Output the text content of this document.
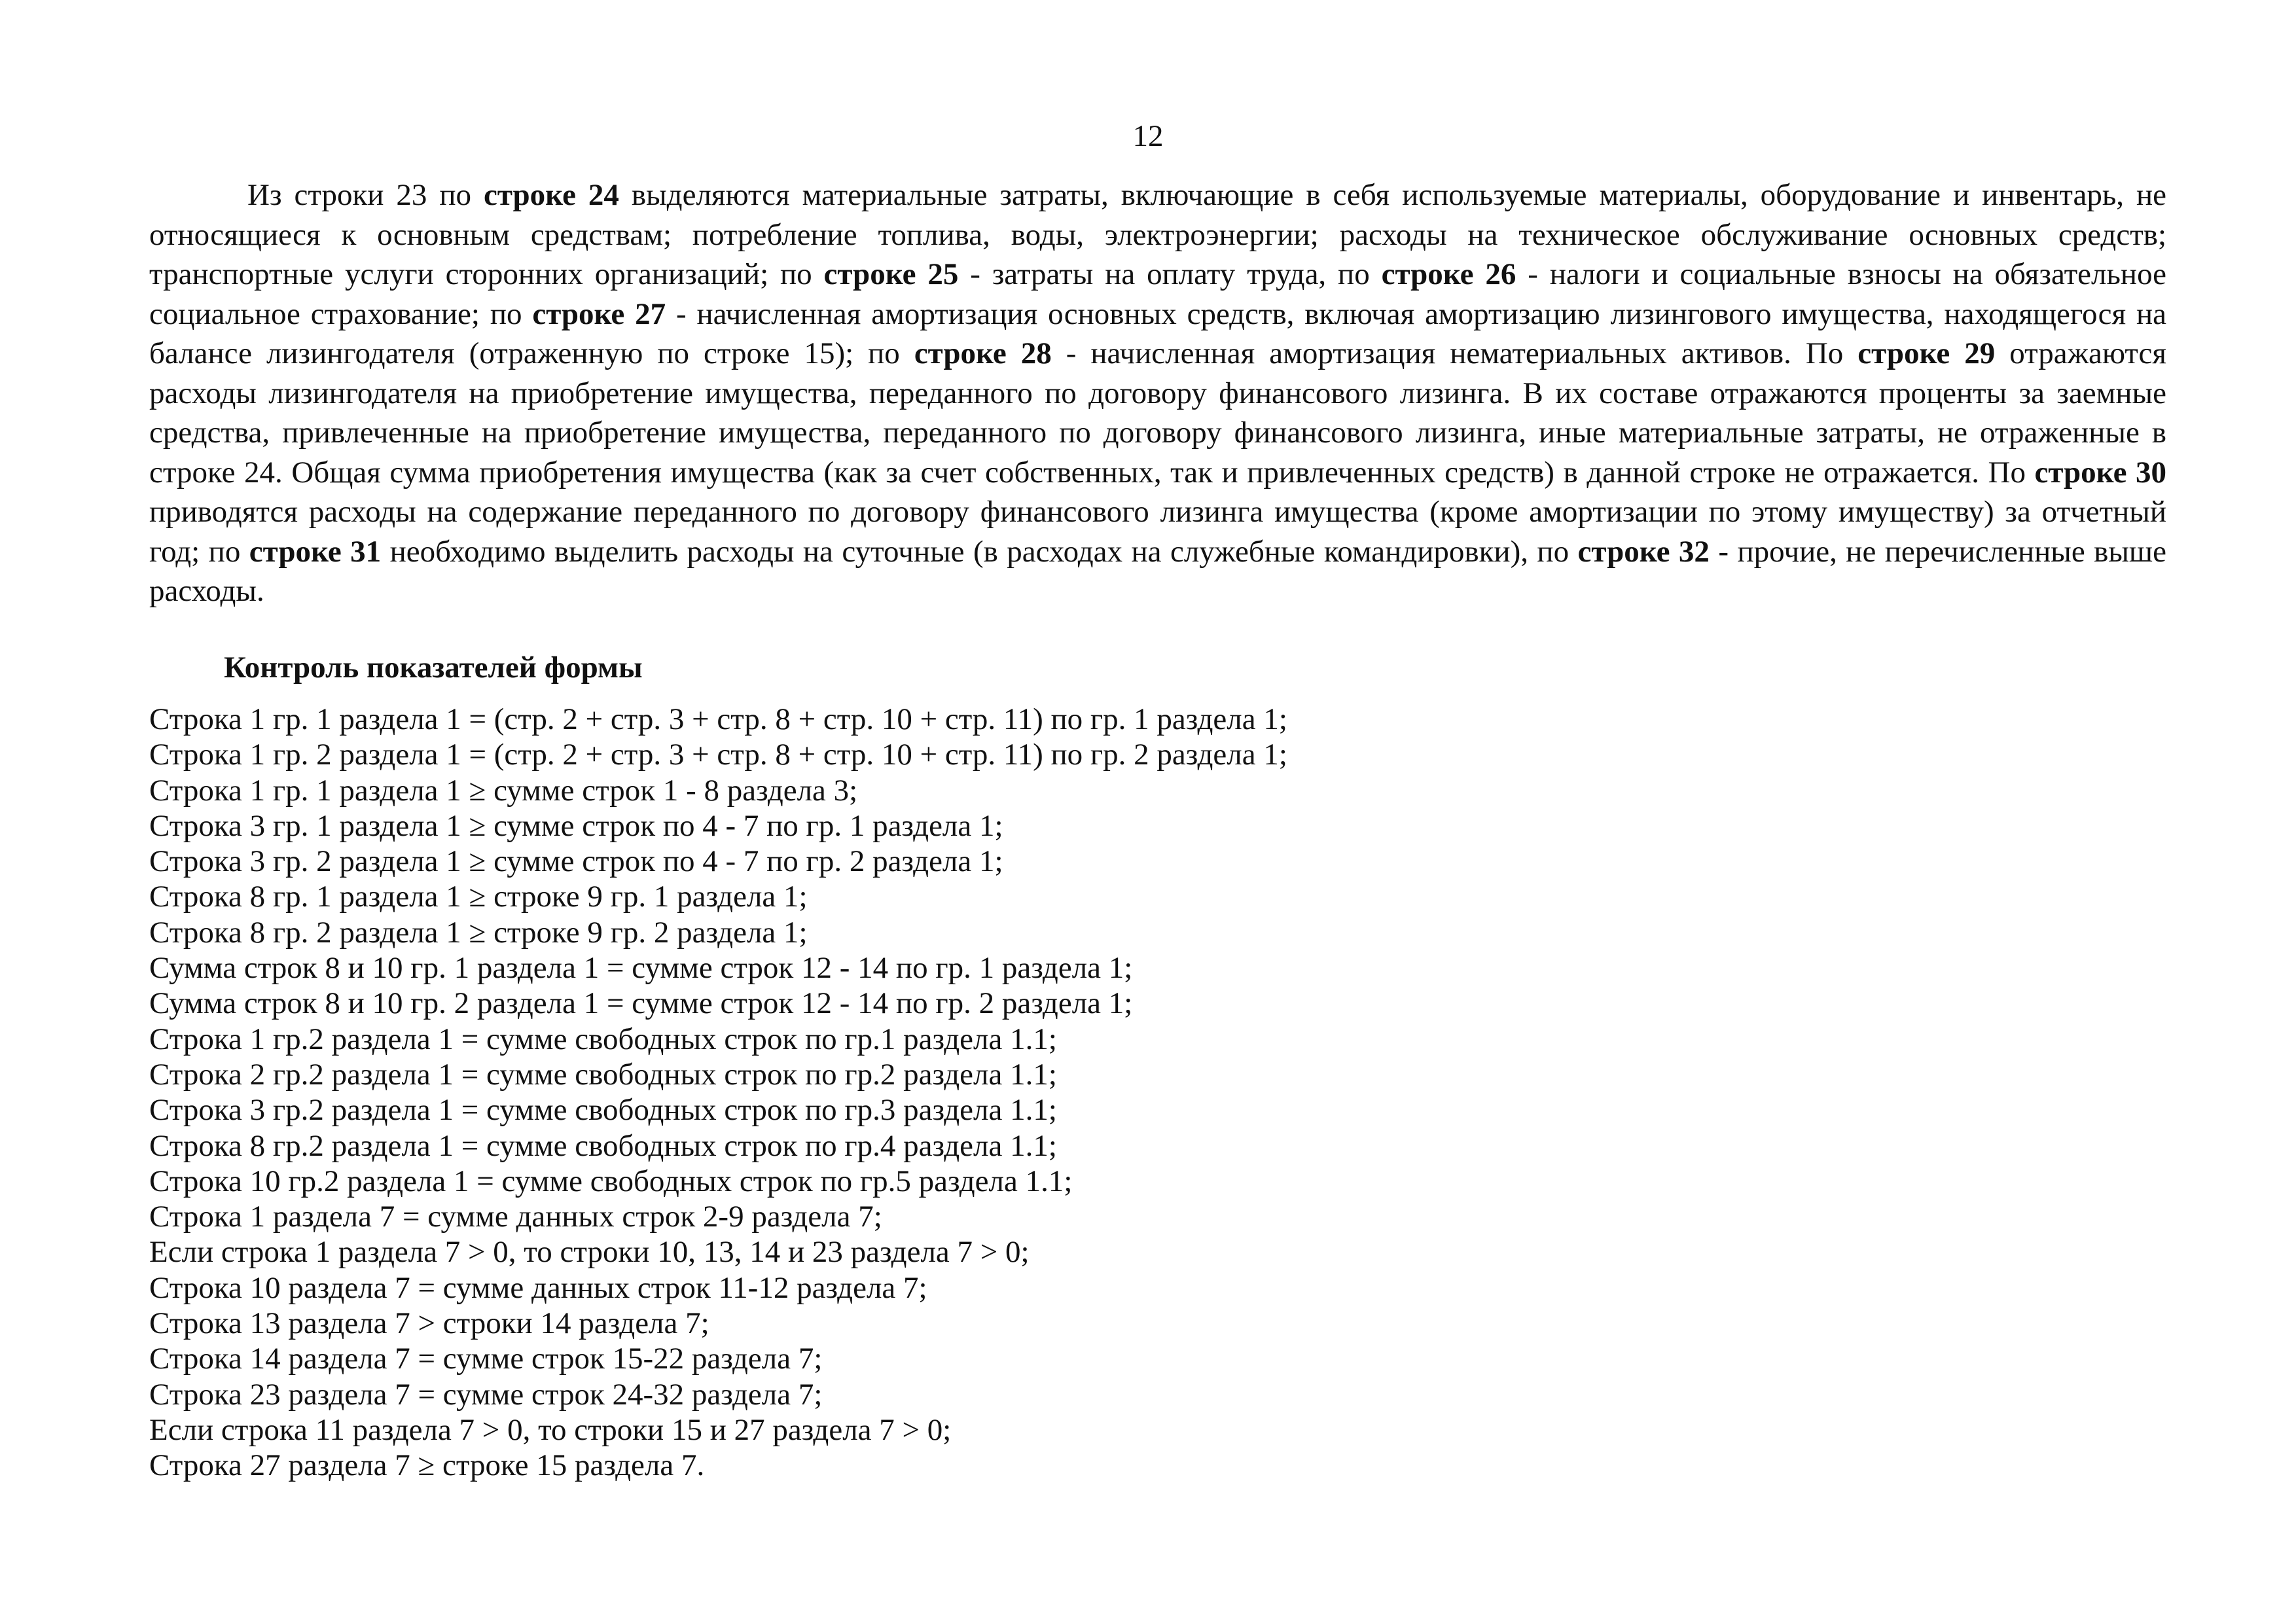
12

Из строки 23 по строке 24 выделяются материальные затраты, включающие в себя используемые материалы, оборудование и инвентарь, не относящиеся к основным средствам; потребление топлива, воды, электроэнергии; расходы на техническое обслуживание основных средств; транспортные услуги сторонних организаций; по строке 25 - затраты на оплату труда, по строке 26 - налоги и социальные взносы на обязательное социальное страхование; по строке 27 - начисленная амортизация основных средств, включая амортизацию лизингового имущества, находящегося на балансе лизингодателя (отраженную по строке 15); по строке 28 - начисленная амортизация нематериальных активов. По строке 29 отражаются расходы лизингодателя на приобретение имущества, переданного по договору финансового лизинга. В их составе отражаются проценты за заемные средства, привлеченные на приобретение имущества, переданного по договору финансового лизинга, иные материальные затраты, не отраженные в строке 24. Общая сумма приобретения имущества (как за счет собственных, так и привлеченных средств) в данной строке не отражается. По строке 30 приводятся расходы на содержание переданного по договору финансового лизинга имущества (кроме амортизации по этому имуществу) за отчетный год; по строке 31 необходимо выделить расходы на суточные (в расходах на служебные командировки), по строке 32 - прочие, не перечисленные выше расходы.

Контроль показателей формы
Строка 1 гр. 1 раздела 1 = (стр. 2 + стр. 3 + стр. 8 + стр. 10 + стр. 11) по гр. 1 раздела 1;
Строка 1 гр. 2 раздела 1 = (стр. 2 + стр. 3 + стр. 8 + стр. 10 + стр. 11) по гр. 2 раздела 1;
Строка 1 гр. 1 раздела 1 ≥ сумме строк 1 - 8 раздела 3;
Строка 3 гр. 1 раздела 1 ≥ сумме строк по 4 - 7 по гр. 1 раздела 1;
Строка 3 гр. 2 раздела 1 ≥ сумме строк по 4 - 7 по гр. 2 раздела 1;
Строка 8 гр. 1 раздела 1 ≥ строке 9 гр. 1 раздела 1;
Строка 8 гр. 2 раздела 1 ≥ строке 9 гр. 2 раздела 1;
Сумма строк 8 и 10 гр. 1 раздела 1 = сумме строк 12 - 14 по гр. 1 раздела 1;
Сумма строк 8 и 10 гр. 2 раздела 1 = сумме строк 12 - 14 по гр. 2 раздела 1;
Строка 1 гр.2 раздела 1 = сумме свободных строк по гр.1 раздела 1.1;
Строка 2 гр.2 раздела 1 = сумме свободных строк по гр.2 раздела 1.1;
Строка 3 гр.2 раздела 1 = сумме свободных строк по гр.3 раздела 1.1;
Строка 8 гр.2 раздела 1 = сумме свободных строк по гр.4 раздела 1.1;
Строка 10 гр.2 раздела 1 = сумме свободных строк по гр.5 раздела 1.1;
Строка 1 раздела 7 = сумме данных строк 2-9 раздела 7;
Если строка 1 раздела 7 > 0, то строки 10, 13, 14 и 23 раздела 7 > 0;
Строка 10 раздела 7 = сумме данных строк 11-12 раздела 7;
Строка 13 раздела 7 > строки 14 раздела 7;
Строка 14 раздела 7 = сумме строк 15-22 раздела 7;
Строка 23 раздела 7 = сумме строк 24-32 раздела 7;
Если строка 11 раздела 7 > 0, то строки 15 и 27 раздела 7 > 0;
Строка 27 раздела 7 ≥ строке 15 раздела 7.
